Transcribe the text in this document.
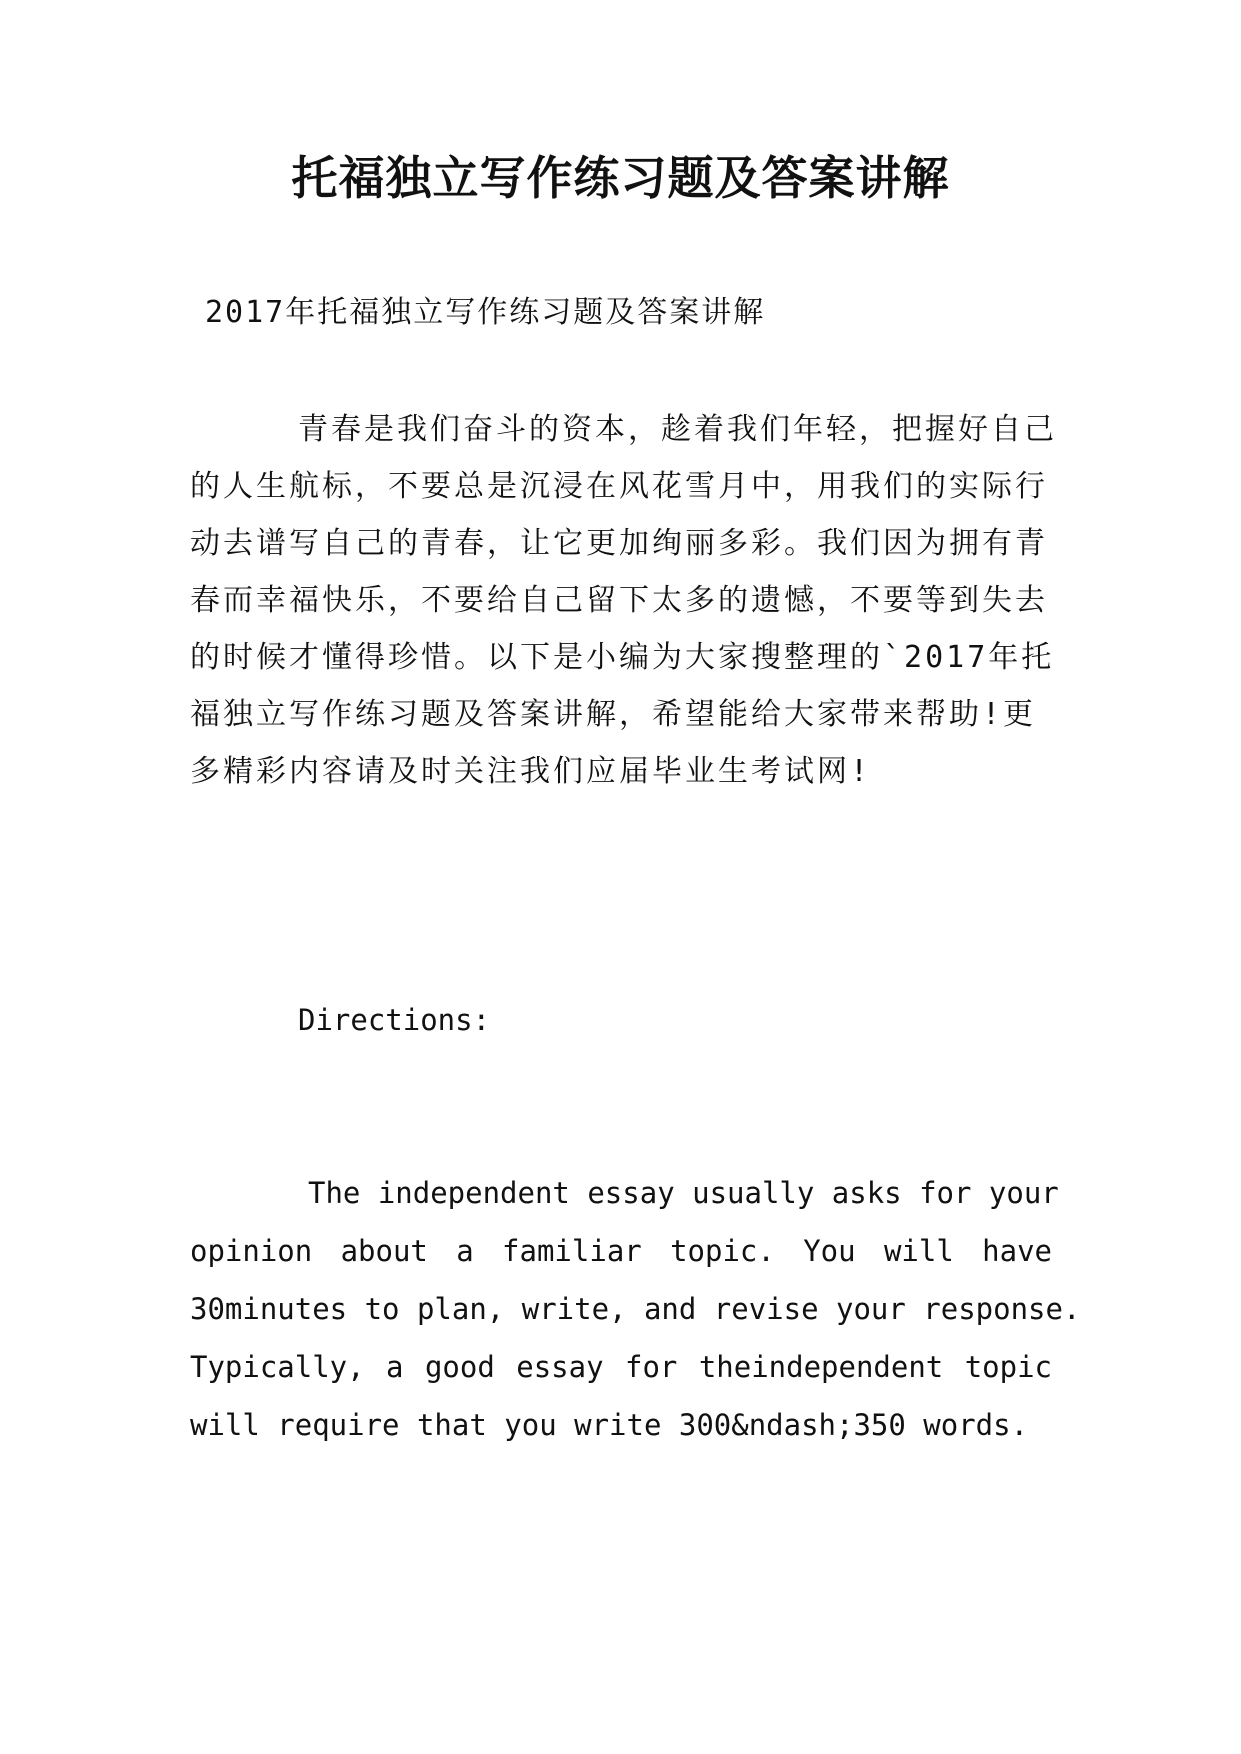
托福独立写作练习题及答案讲解
2017年托福独立写作练习题及答案讲解
青春是我们奋斗的资本，趁着我们年轻，把握好自己
的人生航标，不要总是沉浸在风花雪月中，用我们的实际行
动去谱写自己的青春，让它更加绚丽多彩。我们因为拥有青
春而幸福快乐，不要给自己留下太多的遗憾，不要等到失去
的时候才懂得珍惜。以下是小编为大家搜整理的`2017年托
福独立写作练习题及答案讲解，希望能给大家带来帮助!更
多精彩内容请及时关注我们应届毕业生考试网!
Directions:
The independent essay usually asks for your
opinion about a familiar topic. You will have
30minutes to plan, write, and revise your response.
Typically, a good essay for theindependent topic
will require that you write 300&ndash;350 words.
